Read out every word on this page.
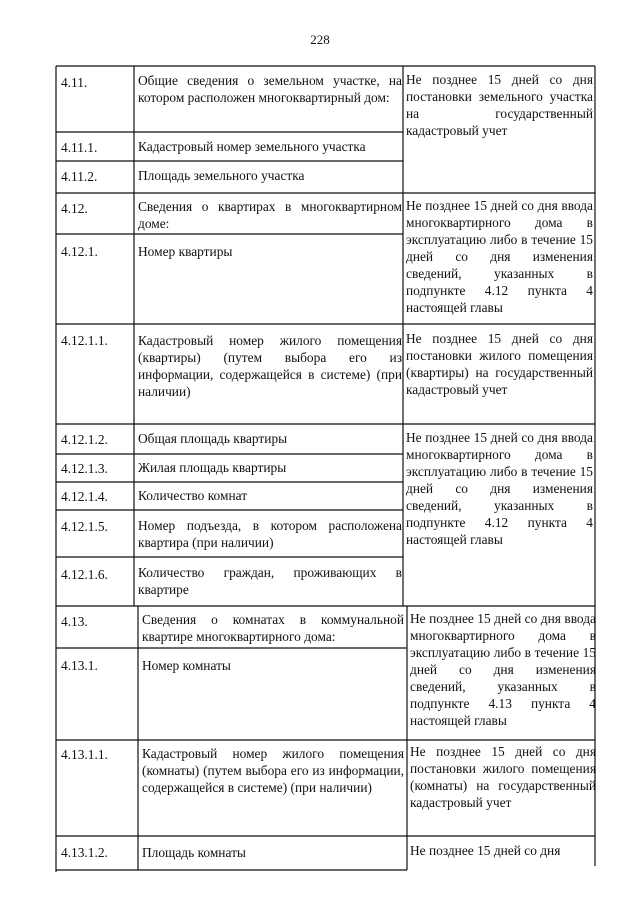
228
4.11.
4.11.1.
4.11.2.
4.12.
4.12.1.
4.12.1.1.
4.12.1.2.
4.12.1.3.
4.12.1.4.
4.12.1.5.
4.12.1.6.
4.13.
4.13.1.
4.13.1.1.
4.13.1.2.
Общие сведения о земельном участке, на котором расположен многоквартирный дом:
Кадастровый номер земельного участка
Площадь земельного участка
Сведения о квартирах в многоквартирном доме:
Номер квартиры
Кадастровый номер жилого помещения (квартиры) (путем выбора его из информации, содержащейся в системе) (при наличии)
Общая площадь квартиры
Жилая площадь квартиры
Количество комнат
Номер подъезда, в котором расположена квартира (при наличии)
Количество граждан, проживающих в квартире
Сведения о комнатах в коммунальной квартире многоквартирного дома:
Номер комнаты
Кадастровый номер жилого помещения (комнаты) (путем выбора его из информации, содержащейся в системе) (при наличии)
Площадь комнаты
Не позднее 15 дней со дня постановки земельного участка на государственный кадастровый учет
Не позднее 15 дней со дня ввода многоквартирного дома в эксплуатацию либо в течение 15 дней со дня изменения сведений, указанных в подпункте 4.12 пункта 4 настоящей главы
Не позднее 15 дней со дня постановки жилого помещения (квартиры) на государственный кадастровый учет
Не позднее 15 дней со дня ввода многоквартирного дома в эксплуатацию либо в течение 15 дней со дня изменения сведений, указанных в подпункте 4.12 пункта 4 настоящей главы
Не позднее 15 дней со дня ввода многоквартирного дома в эксплуатацию либо в течение 15 дней со дня изменения сведений, указанных в подпункте 4.13 пункта 4 настоящей главы
Не позднее 15 дней со дня постановки жилого помещения (комнаты) на государственный кадастровый учет
Не позднее 15 дней со дня
